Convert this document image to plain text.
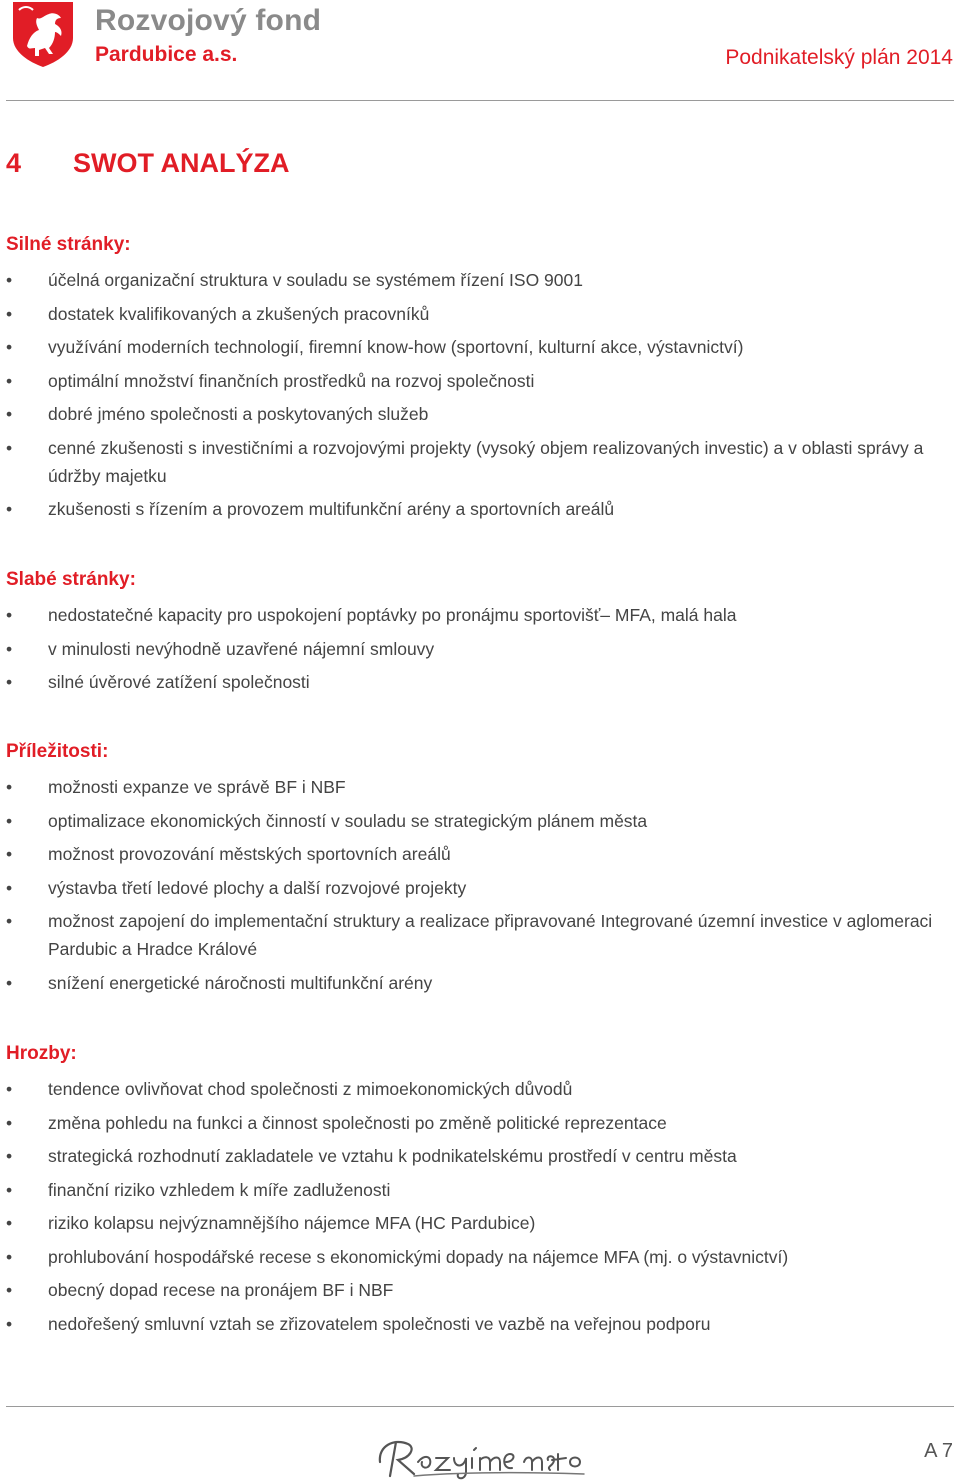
Rozvojový fond
Pardubice a.s.	Podnikatelský plán 2014
4 SWOT ANALÝZA
Silné stránky:
•	účelná organizační struktura v souladu se systémem řízení ISO 9001
•	dostatek kvalifikovaných a zkušených pracovníků
•	využívání moderních technologií, firemní know-how (sportovní, kulturní akce, výstavnictví)
•	optimální množství finančních prostředků na rozvoj společnosti
•	dobré jméno společnosti a poskytovaných služeb
•	cenné zkušenosti s investičními a rozvojovými projekty (vysoký objem realizovaných investic) a v oblasti správy a údržby majetku
•	zkušenosti s řízením a provozem multifunkční arény a sportovních areálů
Slabé stránky:
•	nedostatečné kapacity pro uspokojení poptávky po pronájmu sportovišť– MFA, malá hala
•	v minulosti nevýhodně uzavřené nájemní smlouvy
•	silné úvěrové zatížení společnosti
Příležitosti:
•	možnosti expanze ve správě BF i NBF
•	optimalizace ekonomických činností v souladu se strategickým plánem města
•	možnost provozování městských sportovních areálů
•	výstavba třetí ledové plochy a další rozvojové projekty
•	možnost zapojení do implementační struktury a realizace připravované Integrované územní investice v aglomeraci Pardubic a Hradce Králové
•	snížení energetické náročnosti multifunkční arény
Hrozby:
•	tendence ovlivňovat chod společnosti z mimoekonomických důvodů
•	změna pohledu na funkci a činnost společnosti po změně politické reprezentace
•	strategická rozhodnutí zakladatele ve vztahu k podnikatelskému prostředí v centru města
•	finanční riziko vzhledem k míře zadluženosti
•	riziko kolapsu nejvýznamnějšího nájemce MFA (HC Pardubice)
•	prohlubování hospodářské recese s ekonomickými dopady na nájemce MFA (mj. o výstavnictví)
•	obecný dopad recese na pronájem BF i NBF
•	nedořešený smluvní vztah se zřizovatelem společnosti ve vazbě na veřejnou podporu
A 7
